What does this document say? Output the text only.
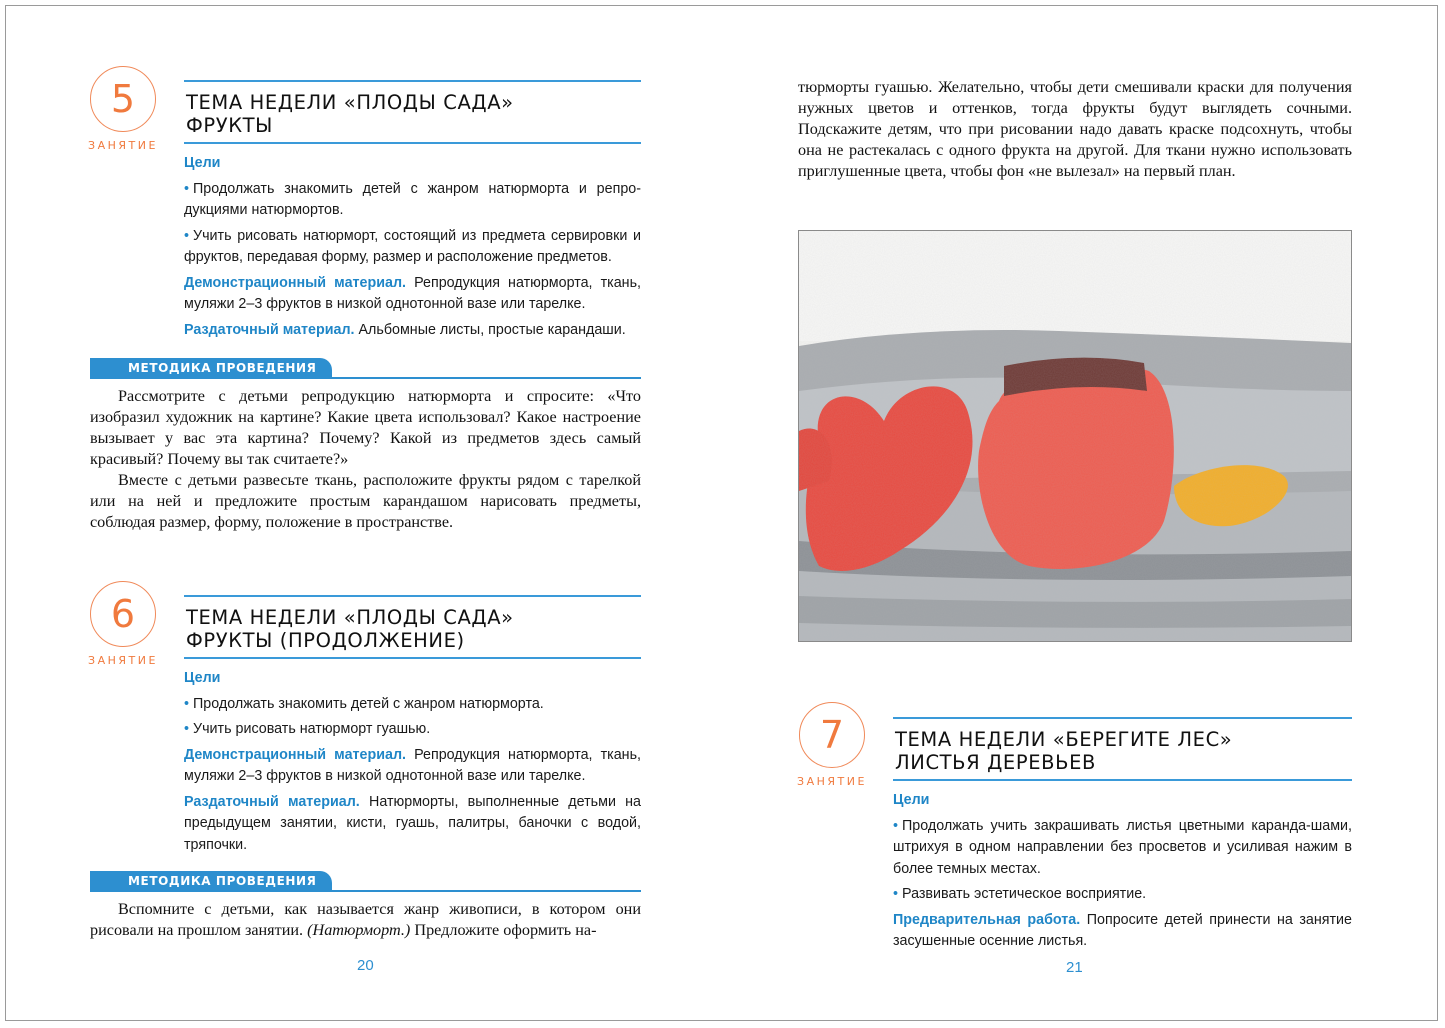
5
ЗАНЯТИЕ
ТЕМА НЕДЕЛИ «ПЛОДЫ САДА»
ФРУКТЫ

Цели

• Продолжать знакомить детей с жанром натюрморта и репро-дукциями натюрмортов.

• Учить рисовать натюрморт, состоящий из предмета сервировки и фруктов, передавая форму, размер и расположение предметов.

Демонстрационный материал. Репродукция натюрморта, ткань, муляжи 2–3 фруктов в низкой однотонной вазе или тарелке.

Раздаточный материал. Альбомные листы, простые карандаши.

МЕТОДИКА ПРОВЕДЕНИЯ

Рассмотрите с детьми репродукцию натюрморта и спросите: «Что изобразил художник на картине? Какие цвета использовал? Какое настроение вызывает у вас эта картина? Почему? Какой из предметов здесь самый красивый? Почему вы так считаете?»

Вместе с детьми развесьте ткань, расположите фрукты рядом с тарелкой или на ней и предложите простым карандашом нарисовать предметы, соблюдая размер, форму, положение в пространстве.

6
ЗАНЯТИЕ
ТЕМА НЕДЕЛИ «ПЛОДЫ САДА»
ФРУКТЫ (ПРОДОЛЖЕНИЕ)

Цели

• Продолжать знакомить детей с жанром натюрморта.

• Учить рисовать натюрморт гуашью.

Демонстрационный материал. Репродукция натюрморта, ткань, муляжи 2–3 фруктов в низкой однотонной вазе или тарелке.

Раздаточный материал. Натюрморты, выполненные детьми на предыдущем занятии, кисти, гуашь, палитры, баночки с водой, тряпочки.

МЕТОДИКА ПРОВЕДЕНИЯ

Вспомните с детьми, как называется жанр живописи, в котором они рисовали на прошлом занятии. (Натюрморт.) Предложите оформить на-

20

тюрморты гуашью. Желательно, чтобы дети смешивали краски для получения нужных цветов и оттенков, тогда фрукты будут выглядеть сочными. Подскажите детям, что при рисовании надо давать краске подсохнуть, чтобы она не растекалась с одного фрукта на другой. Для ткани нужно использовать приглушенные цвета, чтобы фон «не вылезал» на первый план.

7
ЗАНЯТИЕ
ТЕМА НЕДЕЛИ «БЕРЕГИТЕ ЛЕС»
ЛИСТЬЯ ДЕРЕВЬЕВ

Цели

• Продолжать учить закрашивать листья цветными каранда-шами, штрихуя в одном направлении без просветов и усиливая нажим в более темных местах.

• Развивать эстетическое восприятие.

Предварительная работа. Попросите детей принести на занятие засушенные осенние листья.

21
